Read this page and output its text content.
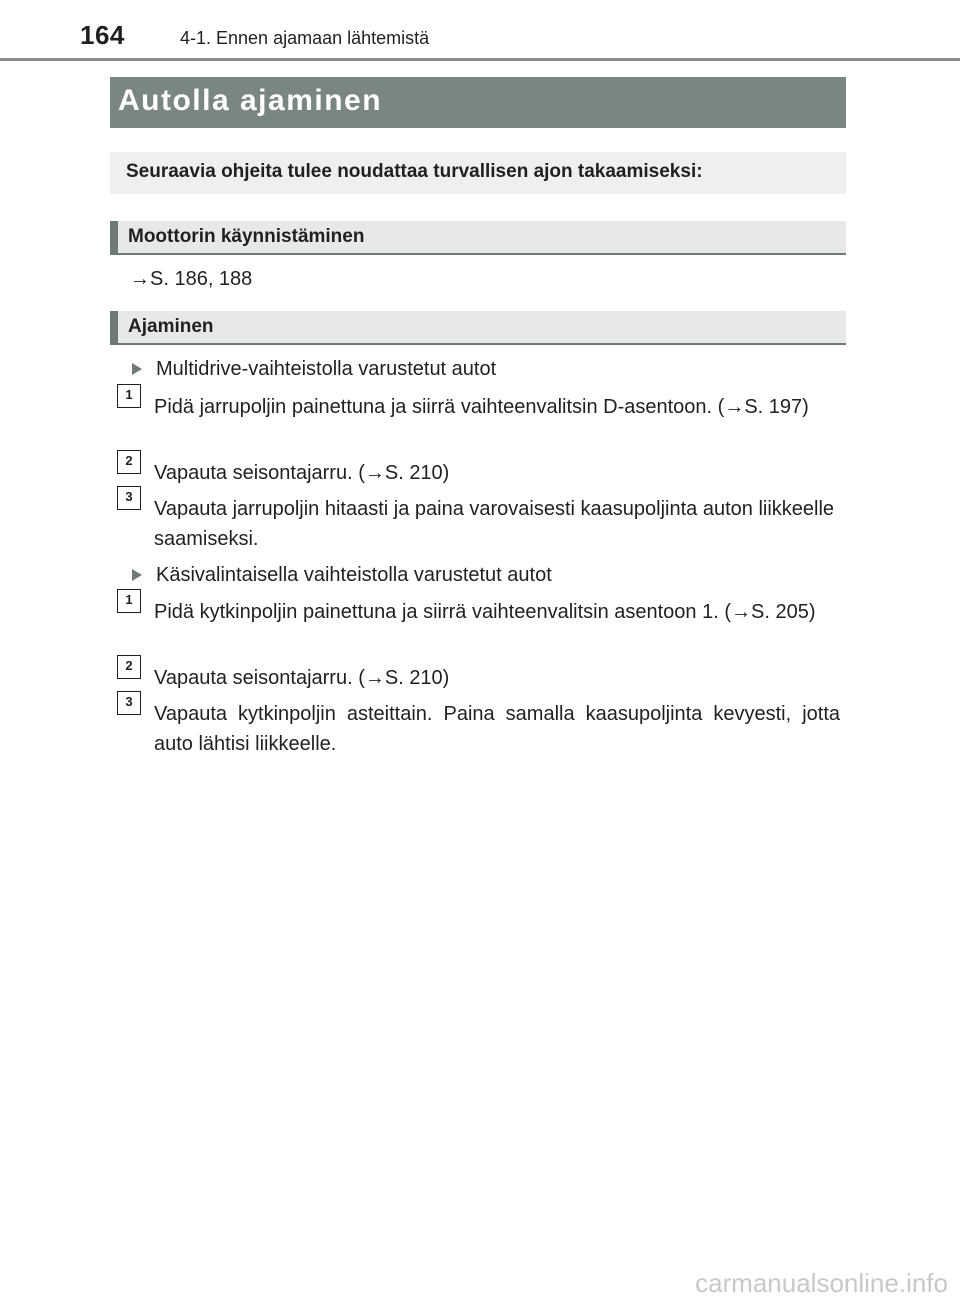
164	4-1. Ennen ajamaan lähtemistä
Autolla ajaminen
Seuraavia ohjeita tulee noudattaa turvallisen ajon takaamiseksi:
Moottorin käynnistäminen
→S. 186, 188
Ajaminen
Multidrive-vaihteistolla varustetut autot
1
Pidä jarrupoljin painettuna ja siirrä vaihteenvalitsin D-asentoon. (→S. 197)
2
Vapauta seisontajarru. (→S. 210)
3
Vapauta jarrupoljin hitaasti ja paina varovaisesti kaasupoljinta auton liikkeelle saamiseksi.
Käsivalintaisella vaihteistolla varustetut autot
1
Pidä kytkinpoljin painettuna ja siirrä vaihteenvalitsin asentoon 1. (→S. 205)
2
Vapauta seisontajarru. (→S. 210)
3
Vapauta kytkinpoljin asteittain. Paina samalla kaasupoljinta kevyesti, jotta auto lähtisi liikkeelle.
carmanualsonline.info
